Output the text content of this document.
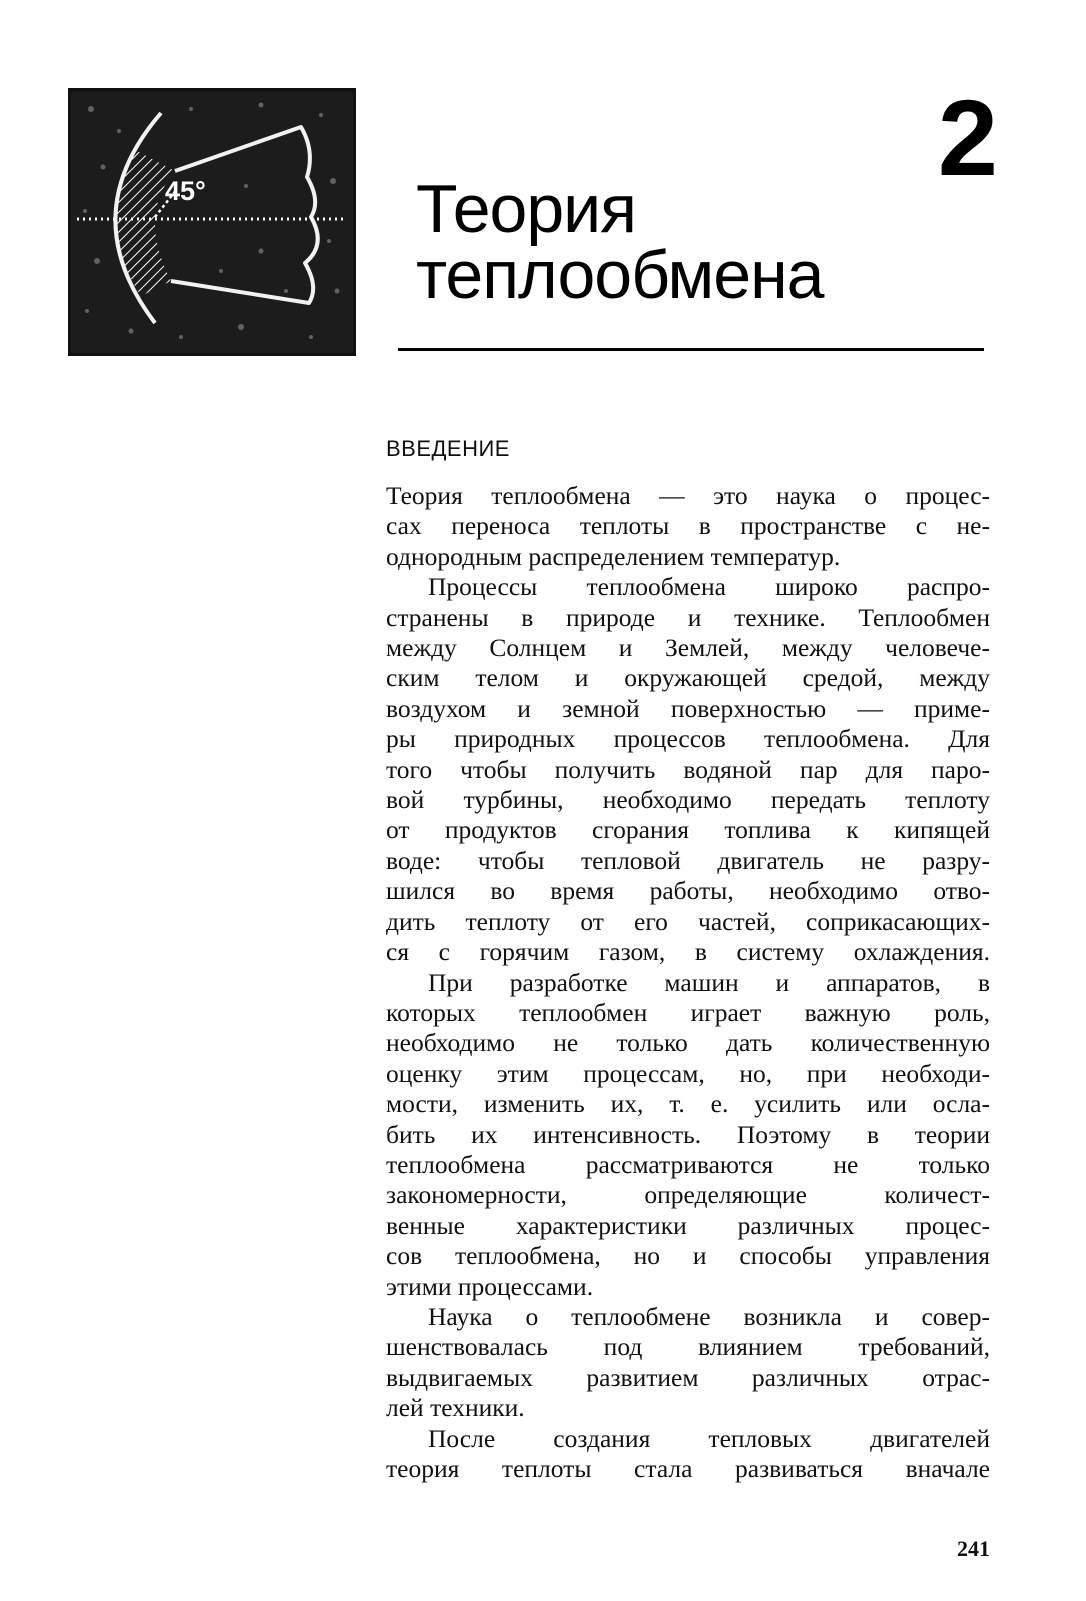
45°	2
Теория
теплообмена
ВВЕДЕНИЕ

Теория теплообмена — это наука о процес-
сах переноса теплоты в пространстве с не-
однородным распределением температур.

Процессы теплообмена широко распро-
странены в природе и технике. Теплообмен
между Солнцем и Землей, между человече-
ским телом и окружающей средой, между
воздухом и земной поверхностью — приме-
ры природных процессов теплообмена. Для
того чтобы получить водяной пар для паро-
вой турбины, необходимо передать теплоту
от продуктов сгорания топлива к кипящей
воде: чтобы тепловой двигатель не разру-
шился во время работы, необходимо отво-
дить теплоту от его частей, соприкасающих-
ся с горячим газом, в систему охлаждения.

При разработке машин и аппаратов, в
которых теплообмен играет важную роль,
необходимо не только дать количественную
оценку этим процессам, но, при необходи-
мости, изменить их, т. е. усилить или осла-
бить их интенсивность. Поэтому в теории
теплообмена рассматриваются не только
закономерности, определяющие количест-
венные характеристики различных процес-
сов теплообмена, но и способы управления
этими процессами.

Наука о теплообмене возникла и совер-
шенствовалась под влиянием требований,
выдвигаемых развитием различных отрас-
лей техники.

После создания тепловых двигателей
теория теплоты стала развиваться вначале

241
